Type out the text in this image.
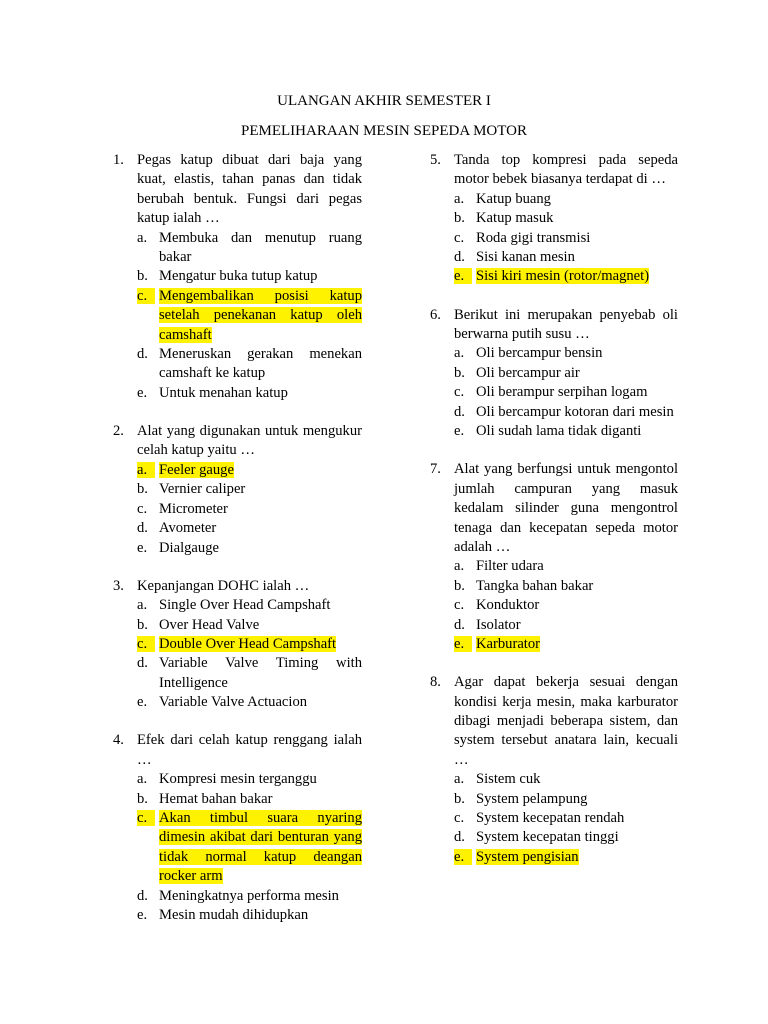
ULANGAN AKHIR SEMESTER I
PEMELIHARAAN MESIN SEPEDA MOTOR
1. Pegas katup dibuat dari baja yang kuat, elastis, tahan panas dan tidak berubah bentuk. Fungsi dari pegas katup ialah …
a. Membuka dan menutup ruang bakar
b. Mengatur buka tutup katup
c. Mengembalikan posisi katup setelah penekanan katup oleh camshaft
d. Meneruskan gerakan menekan camshaft ke katup
e. Untuk menahan katup
2. Alat yang digunakan untuk mengukur celah katup yaitu …
a. Feeler gauge
b. Vernier caliper
c. Micrometer
d. Avometer
e. Dialgauge
3. Kepanjangan DOHC ialah …
a. Single Over Head Campshaft
b. Over Head Valve
c. Double Over Head Campshaft
d. Variable Valve Timing with Intelligence
e. Variable Valve Actuacion
4. Efek dari celah katup renggang ialah …
a. Kompresi mesin terganggu
b. Hemat bahan bakar
c. Akan timbul suara nyaring dimesin akibat dari benturan yang tidak normal katup deangan rocker arm
d. Meningkatnya performa mesin
e. Mesin mudah dihidupkan
5. Tanda top kompresi pada sepeda motor bebek biasanya terdapat di …
a. Katup buang
b. Katup masuk
c. Roda gigi transmisi
d. Sisi kanan mesin
e. Sisi kiri mesin (rotor/magnet)
6. Berikut ini merupakan penyebab oli berwarna putih susu …
a. Oli bercampur bensin
b. Oli bercampur air
c. Oli berampur serpihan logam
d. Oli bercampur kotoran dari mesin
e. Oli sudah lama tidak diganti
7. Alat yang berfungsi untuk mengontol jumlah campuran yang masuk kedalam silinder guna mengontrol tenaga dan kecepatan sepeda motor adalah …
a. Filter udara
b. Tangka bahan bakar
c. Konduktor
d. Isolator
e. Karburator
8. Agar dapat bekerja sesuai dengan kondisi kerja mesin, maka karburator dibagi menjadi beberapa sistem, dan system tersebut anatara lain, kecuali …
a. Sistem cuk
b. System pelampung
c. System kecepatan rendah
d. System kecepatan tinggi
e. System pengisian
